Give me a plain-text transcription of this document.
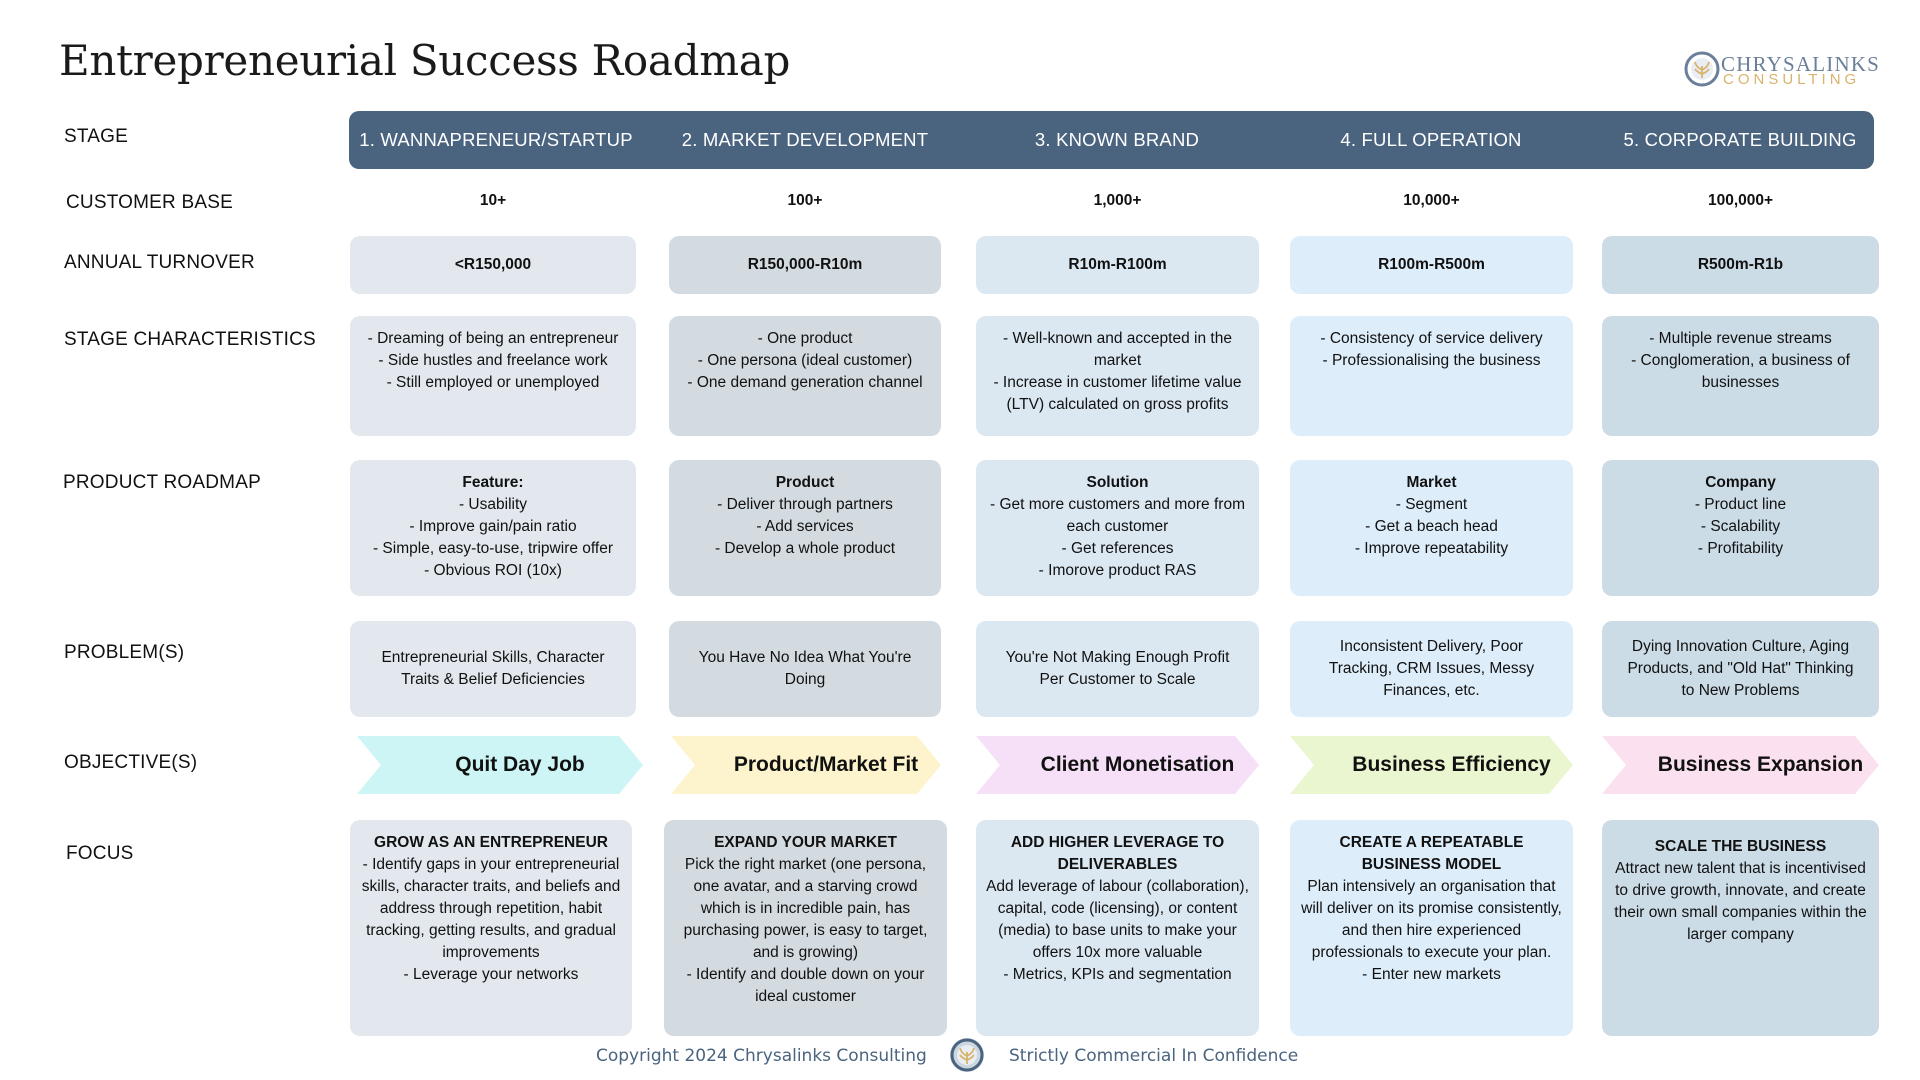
Entrepreneurial Success Roadmap	CHRYSALINKS
CONSULTING
STAGE
CUSTOMER BASE
ANNUAL TURNOVER
STAGE CHARACTERISTICS
PRODUCT ROADMAP
PROBLEM(S)
OBJECTIVE(S)
FOCUS
1. WANNAPRENEUR/STARTUP
10+
<R150,000
- Dreaming of being an entrepreneur
- Side hustles and freelance work
- Still employed or unemployed
Feature:
- Usability
- Improve gain/pain ratio
- Simple, easy-to-use, tripwire offer
- Obvious ROI (10x)
Entrepreneurial Skills, Character Traits & Belief Deficiencies
Quit Day Job
GROW AS AN ENTREPRENEUR
- Identify gaps in your entrepreneurial skills, character traits, and beliefs and address through repetition, habit tracking, getting results, and gradual improvements
- Leverage your networks
2. MARKET DEVELOPMENT
100+
R150,000-R10m
- One product
- One persona (ideal customer)
- One demand generation channel
Product
- Deliver through partners
- Add services
- Develop a whole product
You Have No Idea What You're Doing
Product/Market Fit
EXPAND YOUR MARKET
Pick the right market (one persona, one avatar, and a starving crowd which is in incredible pain, has purchasing power, is easy to target, and is growing)
- Identify and double down on your ideal customer
3. KNOWN BRAND
1,000+
R10m-R100m
- Well-known and accepted in the market
- Increase in customer lifetime value (LTV) calculated on gross profits
Solution
- Get more customers and more from each customer
- Get references
- Imorove product RAS
You're Not Making Enough Profit Per Customer to Scale
Client Monetisation
ADD HIGHER LEVERAGE TO DELIVERABLES
Add leverage of labour (collaboration), capital, code (licensing), or content (media) to base units to make your offers 10x more valuable
- Metrics, KPIs and segmentation
4. FULL OPERATION
10,000+
R100m-R500m
- Consistency of service delivery
- Professionalising the business
Market
- Segment
- Get a beach head
- Improve repeatability
Inconsistent Delivery, Poor Tracking, CRM Issues, Messy Finances, etc.
Business Efficiency
CREATE A REPEATABLE BUSINESS MODEL
Plan intensively an organisation that will deliver on its promise consistently, and then hire experienced professionals to execute your plan.
- Enter new markets
5. CORPORATE BUILDING
100,000+
R500m-R1b
- Multiple revenue streams
- Conglomeration, a business of businesses
Company
- Product line
- Scalability
- Profitability
Dying Innovation Culture, Aging Products, and "Old Hat" Thinking to New Problems
Business Expansion
SCALE THE BUSINESS
Attract new talent that is incentivised to drive growth, innovate, and create their own small companies within the larger company
Copyright 2024 Chrysalinks Consulting	Strictly Commercial In Confidence
